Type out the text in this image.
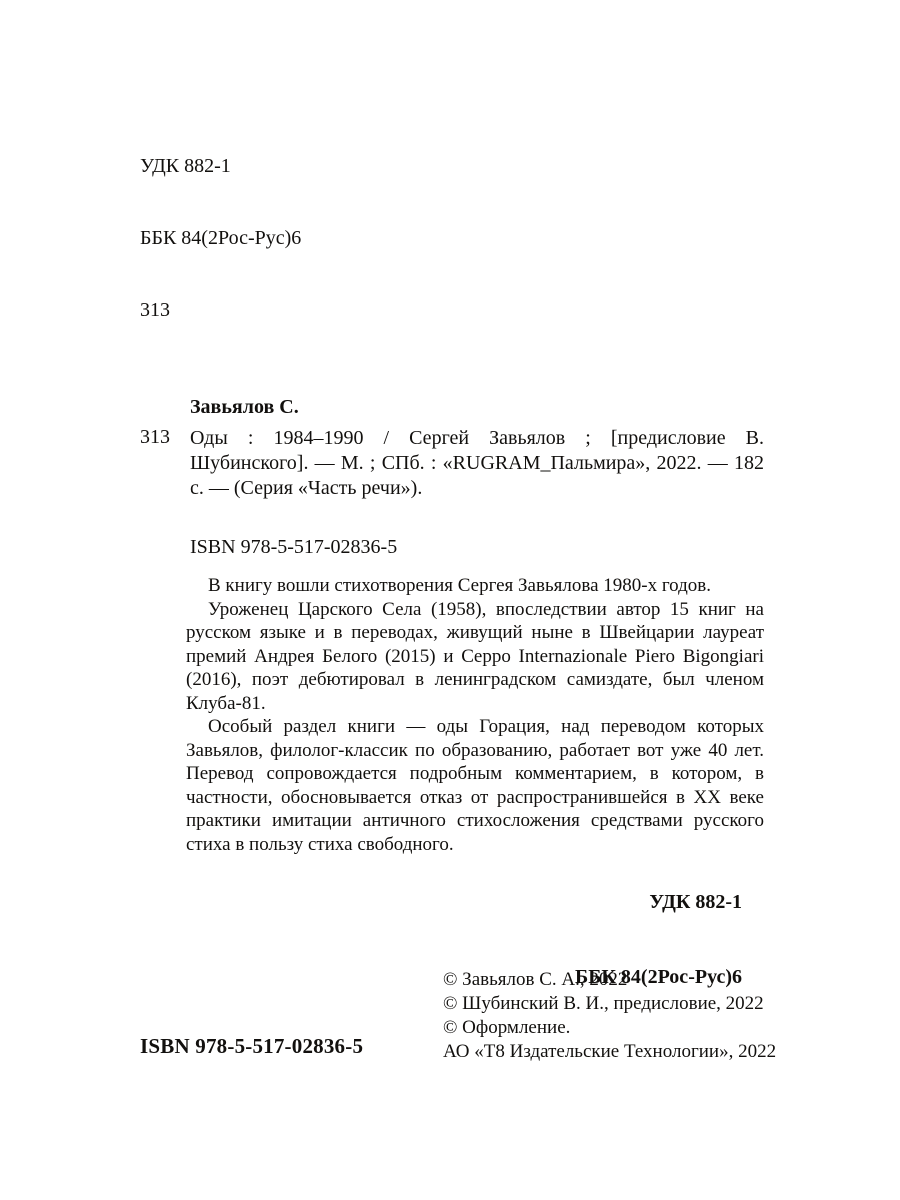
УДК 882-1

ББК 84(2Рос-Рус)6

313

Завьялов С.
313 Оды : 1984–1990 / Сергей Завьялов ; [предисловие В. Шубинского]. — М. ; СПб. : «RUGRAM_Пальмира», 2022. — 182 с. — (Серия «Часть речи»).
ISBN 978-5-517-02836-5

В книгу вошли стихотворения Сергея Завьялова 1980-х годов.

Уроженец Царского Села (1958), впоследствии автор 15 книг на русском языке и в переводах, живущий ныне в Швейцарии лауреат премий Андрея Белого (2015) и Ceppo Internazionale Piero Bigongiari (2016), поэт дебютировал в ленинградском самиздате, был членом Клуба-81.

Особый раздел книги — оды Горация, над переводом которых Завьялов, филолог-классик по образованию, работает вот уже 40 лет. Перевод сопровождается подробным комментарием, в котором, в частности, обосновывается отказ от распространившейся в XX веке практики имитации античного стихосложения средствами русского стиха в пользу стиха свободного.

УДК 882-1

ББК 84(2Рос-Рус)6

© Завьялов С. А., 2022
© Шубинский В. И., предисловие, 2022
© Оформление.
АО «Т8 Издательские Технологии», 2022
ISBN 978-5-517-02836-5
